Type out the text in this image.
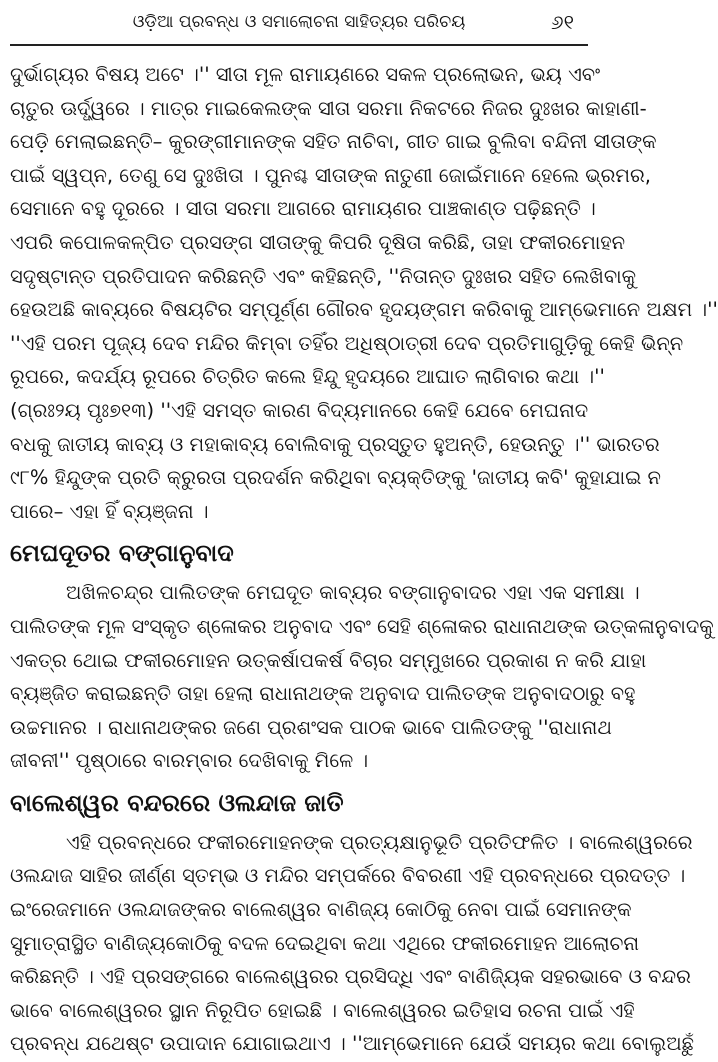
ଓଡ଼ିଆ ପ୍ରବନ୍ଧ ଓ ସମାଲୋଚନା ସାହିତ୍ୟର ପରିଚୟ	୬୧

ଦୁର୍ଭାଗ୍ୟର ବିଷୟ ଅଟେ ।'' ସୀତା ମୂଳ ରାମାୟଣରେ ସକଳ ପ୍ରଲୋଭନ, ଭୟ ଏବଂ
ଚାତୁର ଊର୍ଦ୍ଧ୍ୱରେ । ମାତ୍ର ମାଇକେଲଙ୍କ ସୀତା ସରମା ନିକଟରେ ନିଜର ଦୁଃଖର କାହାଣୀ-
ପେଡ଼ି ମେଲାଇଛନ୍ତି– କୁରଙ୍ଗୀମାନଙ୍କ ସହିତ ନାଚିବା, ଗୀତ ଗାଇ ବୁଲିବା ବନ୍ଦିନୀ ସୀତାଙ୍କ
ପାଇଁ ସ୍ୱପ୍ନ, ତେଣୁ ସେ ଦୁଃଖିତା । ପୁନଶ୍ଚ ସୀତାଙ୍କ ନାତୁଣୀ ଜୋଇଁମାନେ ହେଲେ ଭ୍ରମର,
ସେମାନେ ବହୁ ଦୂରରେ । ସୀତା ସରମା ଆଗରେ ରାମାୟଣର ପାଞ୍ଚକାଣ୍ଡ ପଢ଼ିଛନ୍ତି ।
ଏପରି କପୋଳକଳ୍ପିତ ପ୍ରସଙ୍ଗ ସୀତାଙ୍କୁ କିପରି ଦୂଷିତା କରିଛି, ତାହା ଫକୀରମୋହନ
ସଦୃଷ୍ଟାନ୍ତ ପ୍ରତିପାଦନ କରିଛନ୍ତି ଏବଂ କହିଛନ୍ତି, ''ନିତାନ୍ତ ଦୁଃଖର ସହିତ ଲେଖିବାକୁ
ହେଉଅଛି କାବ୍ୟରେ ବିଷୟଟିର ସମ୍ପୂର୍ଣ୍ଣ ଗୌରବ ହୃଦୟଙ୍ଗମ କରିବାକୁ ଆମ୍ଭେମାନେ ଅକ୍ଷମ ।''
''ଏହି ପରମ ପୂଜ୍ୟ ଦେବ ମନ୍ଦିର କିମ୍ବା ତହିଁର ଅଧିଷ୍ଠାତ୍ରୀ ଦେବ ପ୍ରତିମାଗୁଡ଼ିକୁ କେହି ଭିନ୍ନ
ରୂପରେ, କଦର୍ଯ୍ୟ ରୂପରେ ଚିତ୍ରିତ କଲେ ହିନ୍ଦୁ ହୃଦୟରେ ଆଘାତ ଲାଗିବାର କଥା ।''
(ଗ୍ରଃ୨ୟ ପୃଃ୭୧୩) ''ଏହି ସମସ୍ତ କାରଣ ବିଦ୍ୟମାନରେ କେହି ଯେବେ ମେଘନାଦ
ବଧକୁ ଜାତୀୟ କାବ୍ୟ ଓ ମହାକାବ୍ୟ ବୋଲିବାକୁ ପ୍ରସ୍ତୁତ ହୁଅନ୍ତି, ହେଉନ୍ତୁ ।'' ଭାରତର
୯୮% ହିନ୍ଦୁଙ୍କ ପ୍ରତି କ୍ରୁରତା ପ୍ରଦର୍ଶନ କରିଥିବା ବ୍ୟକ୍ତିଙ୍କୁ 'ଜାତୀୟ କବି' କୁହାଯାଇ ନ
ପାରେ– ଏହା ହିଁ ବ୍ୟଞ୍ଜନା ।

ମେଘଦୂତର ବଙ୍ଗାନୁବାଦ

ଅଖିଳଚନ୍ଦ୍ର ପାଲିତଙ୍କ ମେଘଦୂତ କାବ୍ୟର ବଙ୍ଗାନୁବାଦର ଏହା ଏକ ସମୀକ୍ଷା ।
ପାଲିତଙ୍କ ମୂଳ ସଂସ୍କୃତ ଶ୍ଳୋକର ଅନୁବାଦ ଏବଂ ସେହି ଶ୍ଳୋକର ରାଧାନାଥଙ୍କ ଉତ୍କଳାନୁବାଦକୁ
ଏକତ୍ର ଥୋଇ ଫକୀରମୋହନ ଉତ୍କର୍ଷାପକର୍ଷ ବିଚାର ସମ୍ମୁଖରେ ପ୍ରକାଶ ନ କରି ଯାହା
ବ୍ୟଞ୍ଜିତ କରାଇଛନ୍ତି ତାହା ହେଲା ରାଧାନାଥଙ୍କ ଅନୁବାଦ ପାଲିତଙ୍କ ଅନୁବାଦଠାରୁ ବହୁ
ଉଚ୍ଚମାନର । ରାଧାନାଥଙ୍କର ଜଣେ ପ୍ରଶଂସକ ପାଠକ ଭାବେ ପାଲିତଙ୍କୁ ''ରାଧାନାଥ
ଜୀବନୀ'' ପୃଷ୍ଠାରେ ବାରମ୍ବାର ଦେଖିବାକୁ ମିଳେ ।

ବାଲେଶ୍ୱର ବନ୍ଦରରେ ଓଲନ୍ଦାଜ ଜାତି

ଏହି ପ୍ରବନ୍ଧରେ ଫକୀରମୋହନଙ୍କ ପ୍ରତ୍ୟକ୍ଷାନୁଭୂତି ପ୍ରତିଫଳିତ । ବାଲେଶ୍ୱରରେ
ଓଲନ୍ଦାଜ ସାହିର ଜୀର୍ଣ୍ଣ ସ୍ତମ୍ଭ ଓ ମନ୍ଦିର ସମ୍ପର୍କରେ ବିବରଣୀ ଏହି ପ୍ରବନ୍ଧରେ ପ୍ରଦତ୍ତ ।
ଇଂରେଜମାନେ ଓଲନ୍ଦାଜଙ୍କର ବାଲେଶ୍ୱର ବାଣିଜ୍ୟ କୋଠିକୁ ନେବା ପାଇଁ ସେମାନଙ୍କ
ସୁମାତ୍ରାସ୍ଥିତ ବାଣିଜ୍ୟକୋଠିକୁ ବଦଳ ଦେଇଥିବା କଥା ଏଥିରେ ଫକୀରମୋହନ ଆଲୋଚନା
କରିଛନ୍ତି । ଏହି ପ୍ରସଙ୍ଗରେ ବାଲେଶ୍ୱରର ପ୍ରସିଦ୍ଧି ଏବଂ ବାଣିଜ୍ୟିକ ସହରଭାବେ ଓ ବନ୍ଦର
ଭାବେ ବାଲେଶ୍ୱରର ସ୍ଥାନ ନିରୂପିତ ହୋଇଛି । ବାଲେଶ୍ୱରର ଇତିହାସ ରଚନା ପାଇଁ ଏହି
ପ୍ରବନ୍ଧ ଯଥେଷ୍ଟ ଉପାଦାନ ଯୋଗାଇଥାଏ । ''ଆମ୍ଭେମାନେ ଯେଉଁ ସମୟର କଥା ବୋଲୁଅଛୁଁ
